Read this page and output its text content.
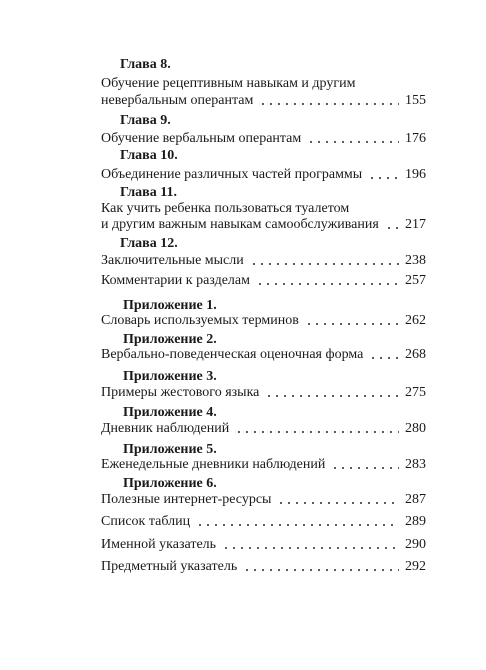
Глава 8.
Обучение рецептивным навыкам и другим
невербальным оперантам	155
Глава 9.
Обучение вербальным оперантам	176
Глава 10.
Объединение различных частей программы	196
Глава 11.
Как учить ребенка пользоваться туалетом
и другим важным навыкам самообслуживания 217
Глава 12.
Заключительные мысли	238
Комментарии к разделам	257
Приложение 1.
Словарь используемых терминов	262
Приложение 2.
Вербально-поведенческая оценочная форма	268
Приложение 3.
Примеры жестового языка	275
Приложение 4.
Дневник наблюдений	280
Приложение 5.
Еженедельные дневники наблюдений	283
Приложение 6.
Полезные интернет-ресурсы	287
Список таблиц	289
Именной указатель	290
Предметный указатель	292
